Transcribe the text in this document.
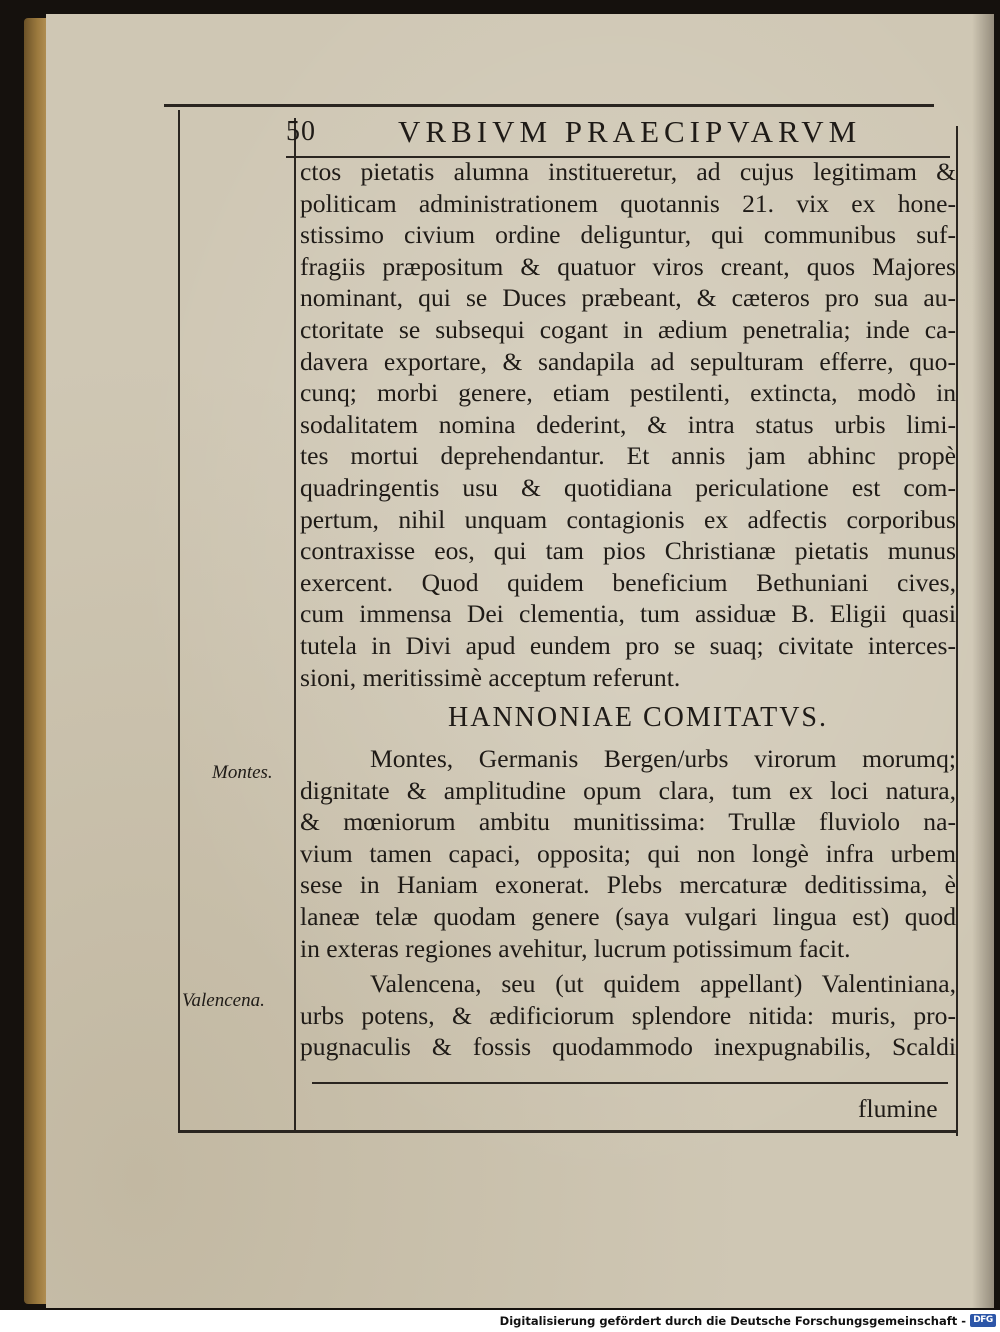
50	VRBIVM PRAECIPVARVM
Montes.
Valencena.
ctos pietatis alumna institueretur, ad cujus legitimam &
politicam administrationem quotannis 21. vix ex hone-
stissimo civium ordine deliguntur, qui communibus suf-
fragiis præpositum & quatuor viros creant, quos Majores
nominant, qui se Duces præbeant, & cæteros pro sua au-
ctoritate se subsequi cogant in ædium penetralia; inde ca-
davera exportare, & sandapila ad sepulturam efferre, quo-
cunq; morbi genere, etiam pestilenti, extincta, modò in
sodalitatem nomina dederint, & intra status urbis limi-
tes mortui deprehendantur. Et annis jam abhinc propè
quadringentis usu & quotidiana periculatione est com-
pertum, nihil unquam contagionis ex adfectis corporibus
contraxisse eos, qui tam pios Christianæ pietatis munus
exercent. Quod quidem beneficium Bethuniani cives,
cum immensa Dei clementia, tum assiduæ B. Eligii quasi
tutela in Divi apud eundem pro se suaq; civitate interces-
sioni, meritissimè acceptum referunt.
HANNONIAE COMITATVS.
Montes, Germanis Bergen/urbs virorum morumq;
dignitate & amplitudine opum clara, tum ex loci natura,
& mœniorum ambitu munitissima: Trullæ fluviolo na-
vium tamen capaci, opposita; qui non longè infra urbem
sese in Haniam exonerat. Plebs mercaturæ deditissima, è
laneæ telæ quodam genere (saya vulgari lingua est) quod
in exteras regiones avehitur, lucrum potissimum facit.
Valencena, seu (ut quidem appellant) Valentiniana,
urbs potens, & ædificiorum splendore nitida: muris, pro-
pugnaculis & fossis quodammodo inexpugnabilis, Scaldi
flumine
Digitalisierung gefördert durch die Deutsche Forschungsgemeinschaft - DFG
